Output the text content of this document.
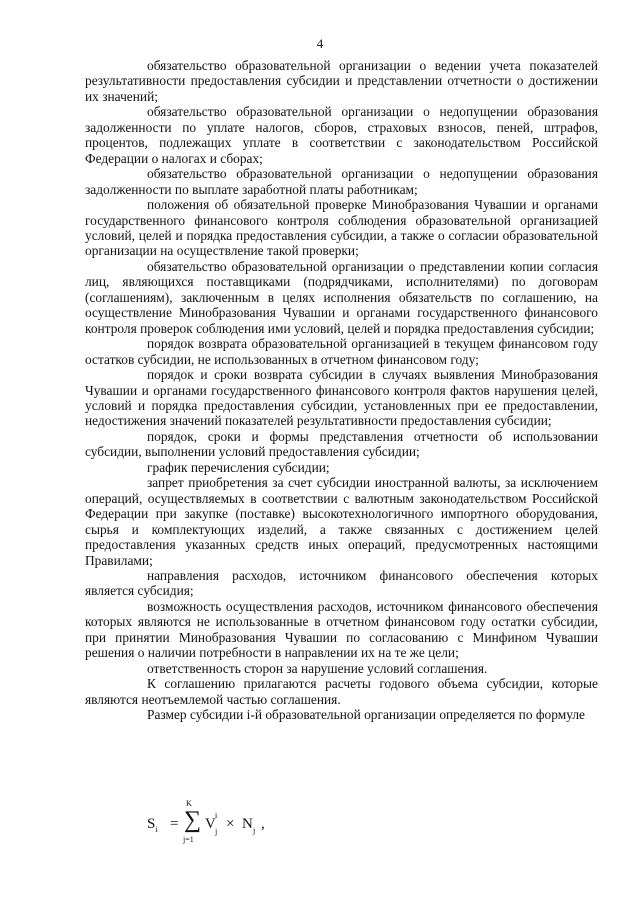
4

обязательство образовательной организации о ведении учета показателей результативности предоставления субсидии и представлении отчетности о достижении их значений;

обязательство образовательной организации о недопущении образования задолженности по уплате налогов, сборов, страховых взносов, пеней, штрафов, процентов, подлежащих уплате в соответствии с законодательством Российской Федерации о налогах и сборах;

обязательство образовательной организации о недопущении образования задолженности по выплате заработной платы работникам;

положения об обязательной проверке Минобразования Чувашии и органами государственного финансового контроля соблюдения образовательной организацией условий, целей и порядка предоставления субсидии, а также о согласии образовательной организации на осуществление такой проверки;

обязательство образовательной организации о представлении копии согласия лиц, являющихся поставщиками (подрядчиками, исполнителями) по договорам (соглашениям), заключенным в целях исполнения обязательств по соглашению, на осуществление Минобразования Чувашии и органами государственного финансового контроля проверок соблюдения ими условий, целей и порядка предоставления субсидии;

порядок возврата образовательной организацией в текущем финансовом году остатков субсидии, не использованных в отчетном финансовом году;

порядок и сроки возврата субсидии в случаях выявления Минобразования Чувашии и органами государственного финансового контроля фактов нарушения целей, условий и порядка предоставления субсидии, установленных при ее предоставлении, недостижения значений показателей результативности предоставления субсидии;

порядок, сроки и формы представления отчетности об использовании субсидии, выполнении условий предоставления субсидии;

график перечисления субсидии;

запрет приобретения за счет субсидии иностранной валюты, за исключением операций, осуществляемых в соответствии с валютным законодательством Российской Федерации при закупке (поставке) высокотехнологичного импортного оборудования, сырья и комплектующих изделий, а также связанных с достижением целей предоставления указанных средств иных операций, предусмотренных настоящими Правилами;

направления расходов, источником финансового обеспечения которых является субсидия;

возможность осуществления расходов, источником финансового обеспечения которых являются не использованные в отчетном финансовом году остатки субсидии, при принятии Минобразования Чувашии по согласованию с Минфином Чувашии решения о наличии потребности в направлении их на те же цели;

ответственность сторон за нарушение условий соглашения.

К соглашению прилагаются расчеты годового объема субсидии, которые являются неотъемлемой частью соглашения.

Размер субсидии i-й образовательной организации определяется по формуле

$S_i$ =
K
∑
j=1
V
i
j × N j ,
